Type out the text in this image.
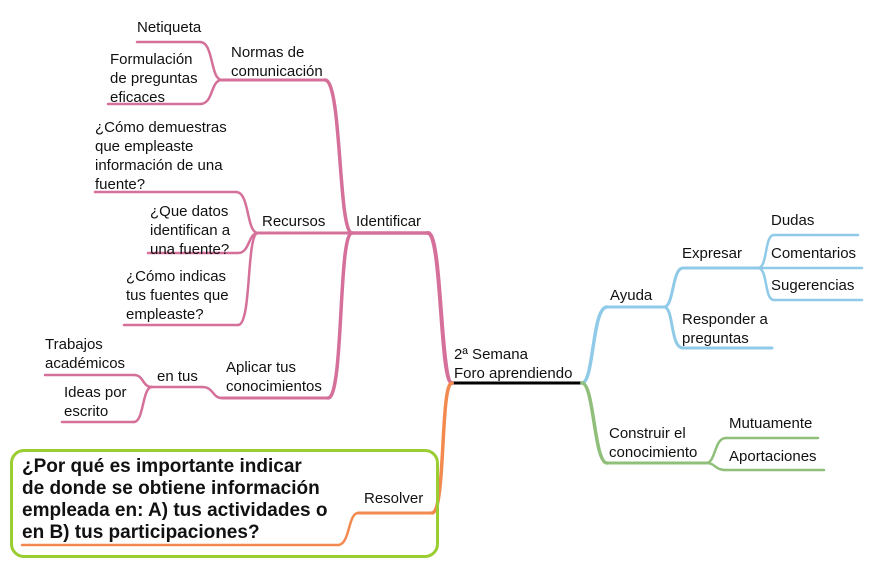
2ª Semana
Foro aprendiendo
Identificar
Normas de
comunicación
Netiqueta
Formulación
de preguntas
eficaces
Recursos
¿Cómo demuestras
que empleaste
información de una
fuente?
¿Que datos
identifican a
una fuente?
¿Cómo indicas
tus fuentes que
empleaste?
Aplicar tus
conocimientos
en tus
Trabajos
académicos
Ideas por
escrito
Resolver
¿Por qué es importante indicar
de donde se obtiene información
empleada en: A) tus actividades o
en B) tus participaciones?
Ayuda
Expresar
Dudas
Comentarios
Sugerencias
Responder a
preguntas
Construir el
conocimiento
Mutuamente
Aportaciones
